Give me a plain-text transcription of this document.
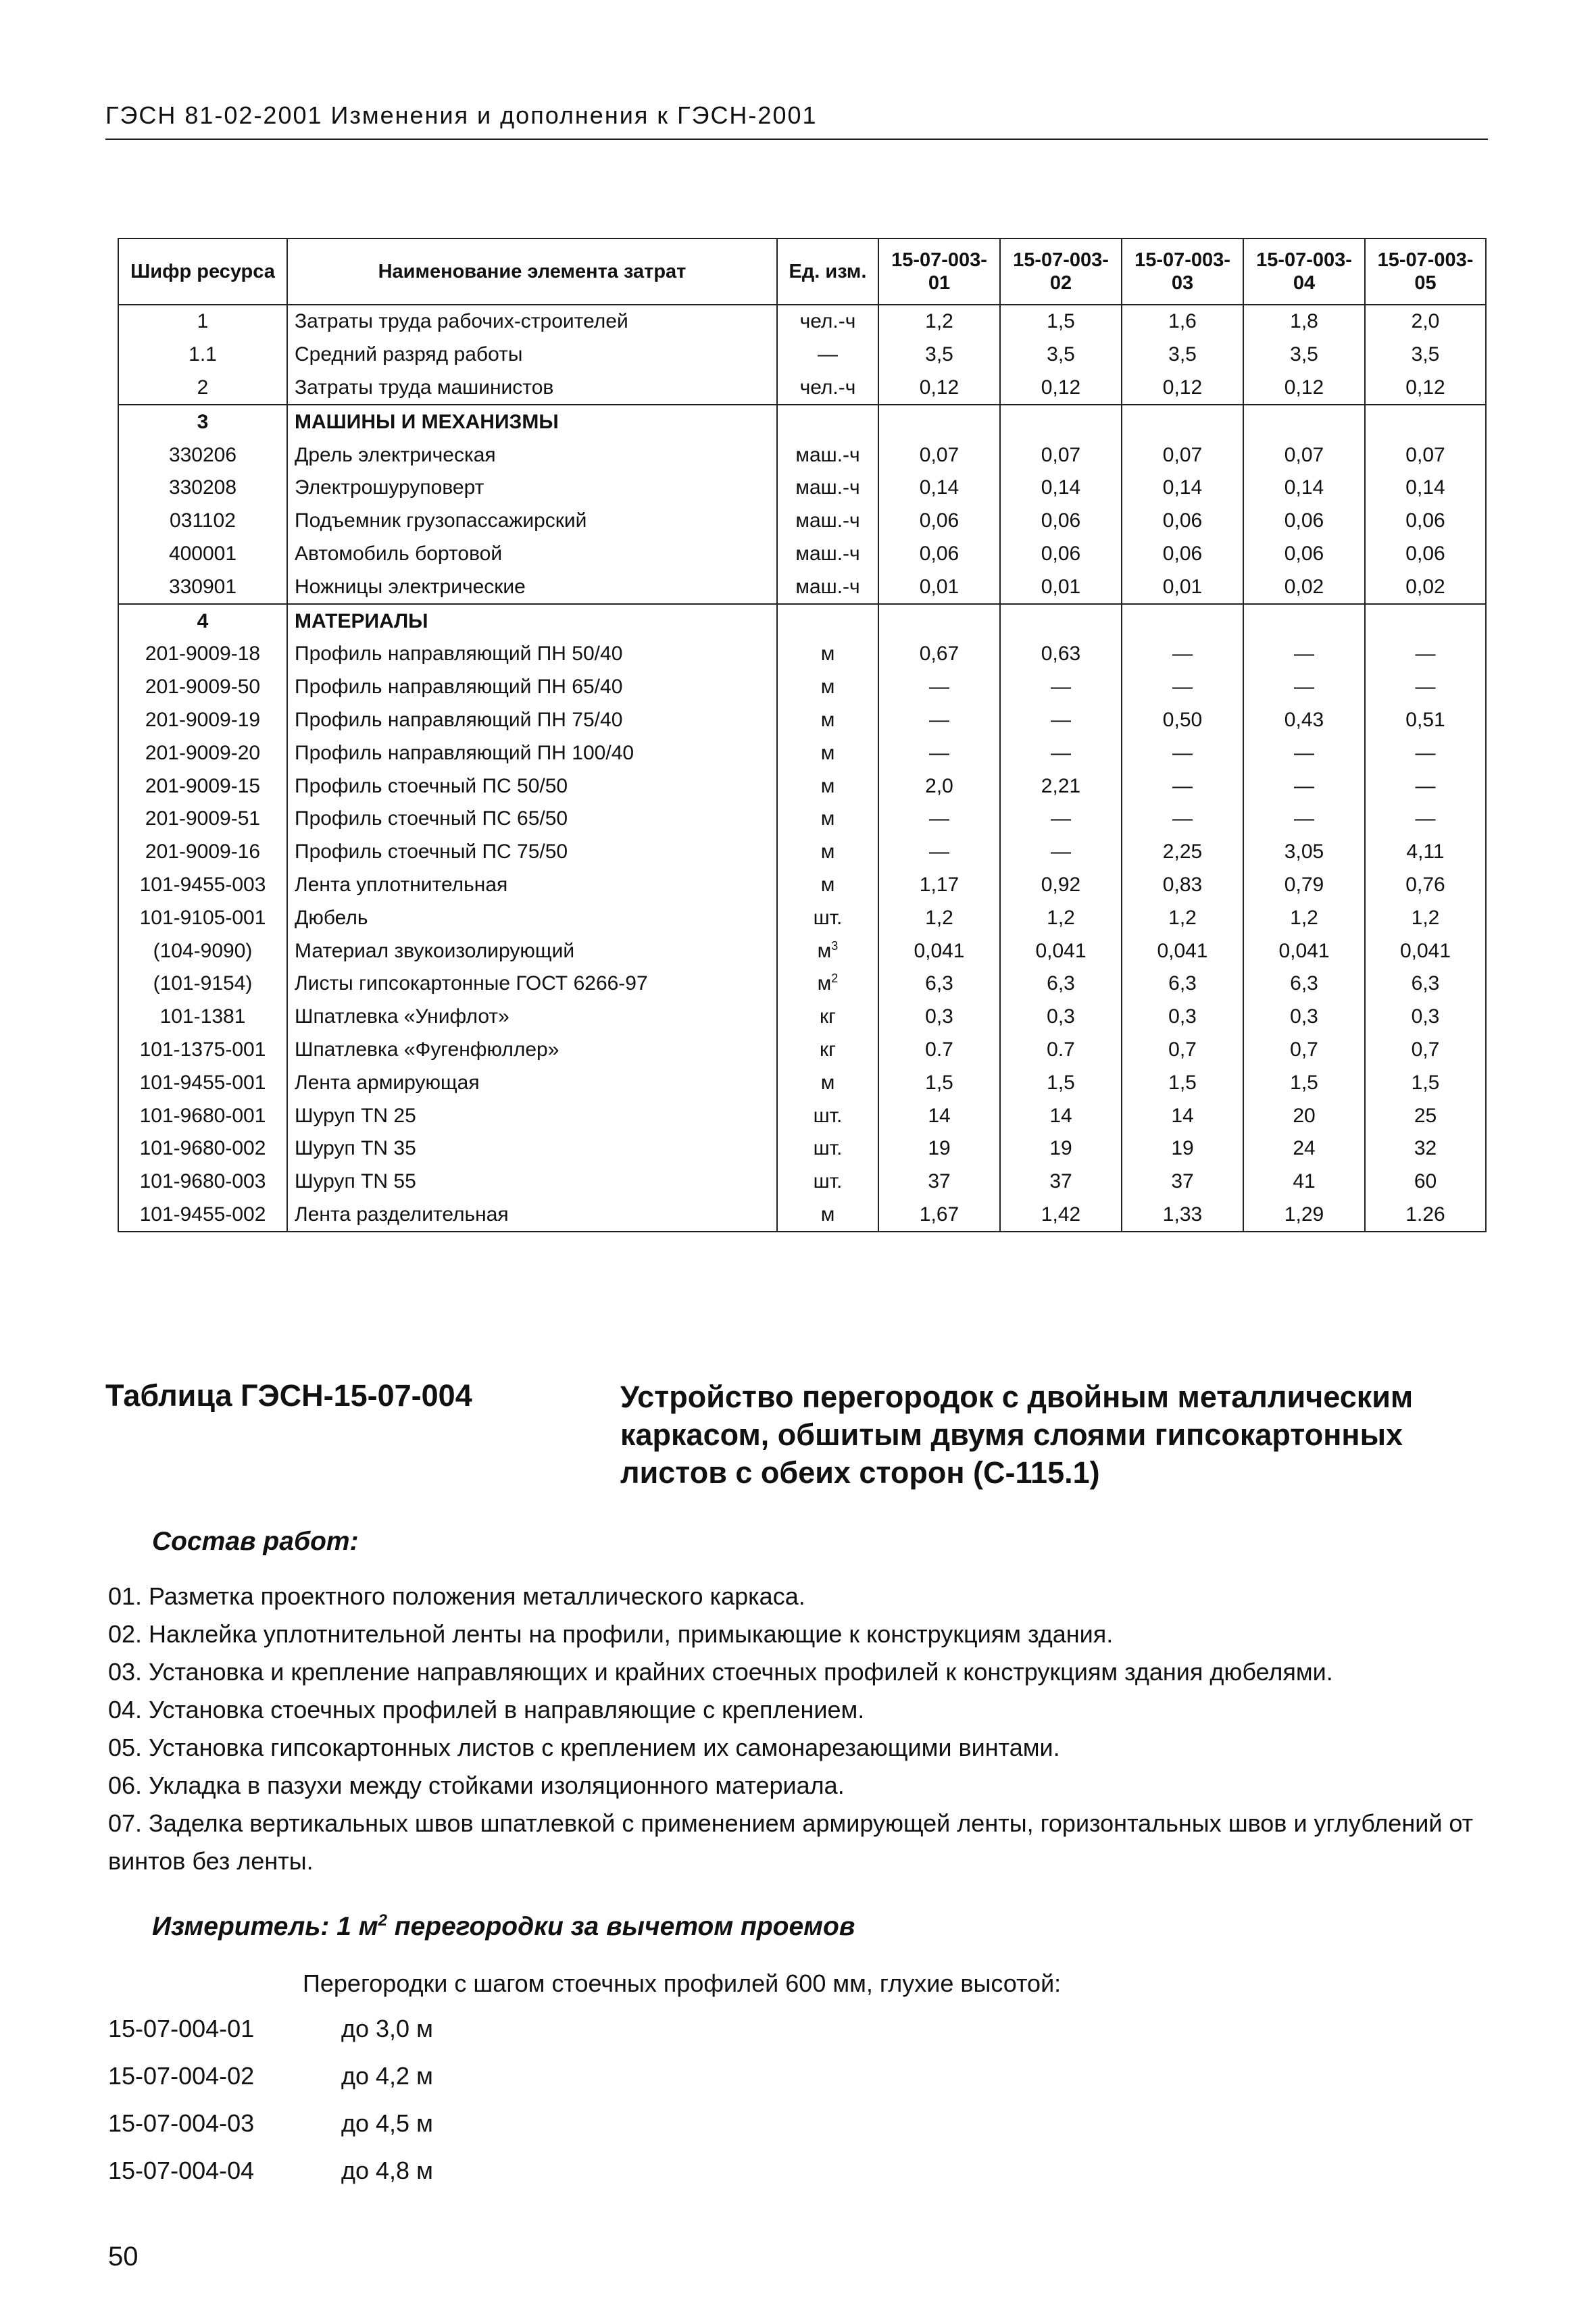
ГЭСН 81-02-2001 Изменения и дополнения к ГЭСН-2001
Шифр ресурса	Наименование элемента затрат	Ед. изм.	15-07-003-01	15-07-003-02	15-07-003-03	15-07-003-04	15-07-003-05
1	Затраты труда рабочих-строителей	чел.-ч	1,2	1,5	1,6	1,8	2,0
1.1	Средний разряд работы	—	3,5	3,5	3,5	3,5	3,5
2	Затраты труда машинистов	чел.-ч	0,12	0,12	0,12	0,12	0,12
3	МАШИНЫ И МЕХАНИЗМЫ						
330206	Дрель электрическая	маш.-ч	0,07	0,07	0,07	0,07	0,07
330208	Электрошуруповерт	маш.-ч	0,14	0,14	0,14	0,14	0,14
031102	Подъемник грузопассажирский	маш.-ч	0,06	0,06	0,06	0,06	0,06
400001	Автомобиль бортовой	маш.-ч	0,06	0,06	0,06	0,06	0,06
330901	Ножницы электрические	маш.-ч	0,01	0,01	0,01	0,02	0,02
4	МАТЕРИАЛЫ						
201-9009-18	Профиль направляющий ПН 50/40	м	0,67	0,63	—	—	—
201-9009-50	Профиль направляющий ПН 65/40	м	—	—	—	—	—
201-9009-19	Профиль направляющий ПН 75/40	м	—	—	0,50	0,43	0,51
201-9009-20	Профиль направляющий ПН 100/40	м	—	—	—	—	—
201-9009-15	Профиль стоечный ПС 50/50	м	2,0	2,21	—	—	—
201-9009-51	Профиль стоечный ПС 65/50	м	—	—	—	—	—
201-9009-16	Профиль стоечный ПС 75/50	м	—	—	2,25	3,05	4,11
101-9455-003	Лента уплотнительная	м	1,17	0,92	0,83	0,79	0,76
101-9105-001	Дюбель	шт.	1,2	1,2	1,2	1,2	1,2
(104-9090)	Материал звукоизолирующий	$м^3$	0,041	0,041	0,041	0,041	0,041
(101-9154)	Листы гипсокартонные ГОСТ 6266-97	$м^2$	6,3	6,3	6,3	6,3	6,3
101-1381	Шпатлевка «Унифлот»	кг	0,3	0,3	0,3	0,3	0,3
101-1375-001	Шпатлевка «Фугенфюллер»	кг	0.7	0.7	0,7	0,7	0,7
101-9455-001	Лента армирующая	м	1,5	1,5	1,5	1,5	1,5
101-9680-001	Шуруп TN 25	шт.	14	14	14	20	25
101-9680-002	Шуруп TN 35	шт.	19	19	19	24	32
101-9680-003	Шуруп TN 55	шт.	37	37	37	41	60
101-9455-002	Лента разделительная	м	1,67	1,42	1,33	1,29	1.26
Таблица ГЭСН-15-07-004	Устройство перегородок с двойным металлическим каркасом, обшитым двумя слоями гипсокартонных листов с обеих сторон (С-115.1)
Состав работ:
01. Разметка проектного положения металлического каркаса.
02. Наклейка уплотнительной ленты на профили, примыкающие к конструкциям здания.
03. Установка и крепление направляющих и крайних стоечных профилей к конструкциям здания дюбелями.
04. Установка стоечных профилей в направляющие с креплением.
05. Установка гипсокартонных листов с креплением их самонарезающими винтами.
06. Укладка в пазухи между стойками изоляционного материала.
07. Заделка вертикальных швов шпатлевкой с применением армирующей ленты, горизонтальных швов и углублений от винтов без ленты.
Измеритель: 1 $м^2$ перегородки за вычетом проемов
Перегородки с шагом стоечных профилей 600 мм, глухие высотой:
15-07-004-01	до 3,0 м
15-07-004-02	до 4,2 м
15-07-004-03	до 4,5 м
15-07-004-04	до 4,8 м
50
